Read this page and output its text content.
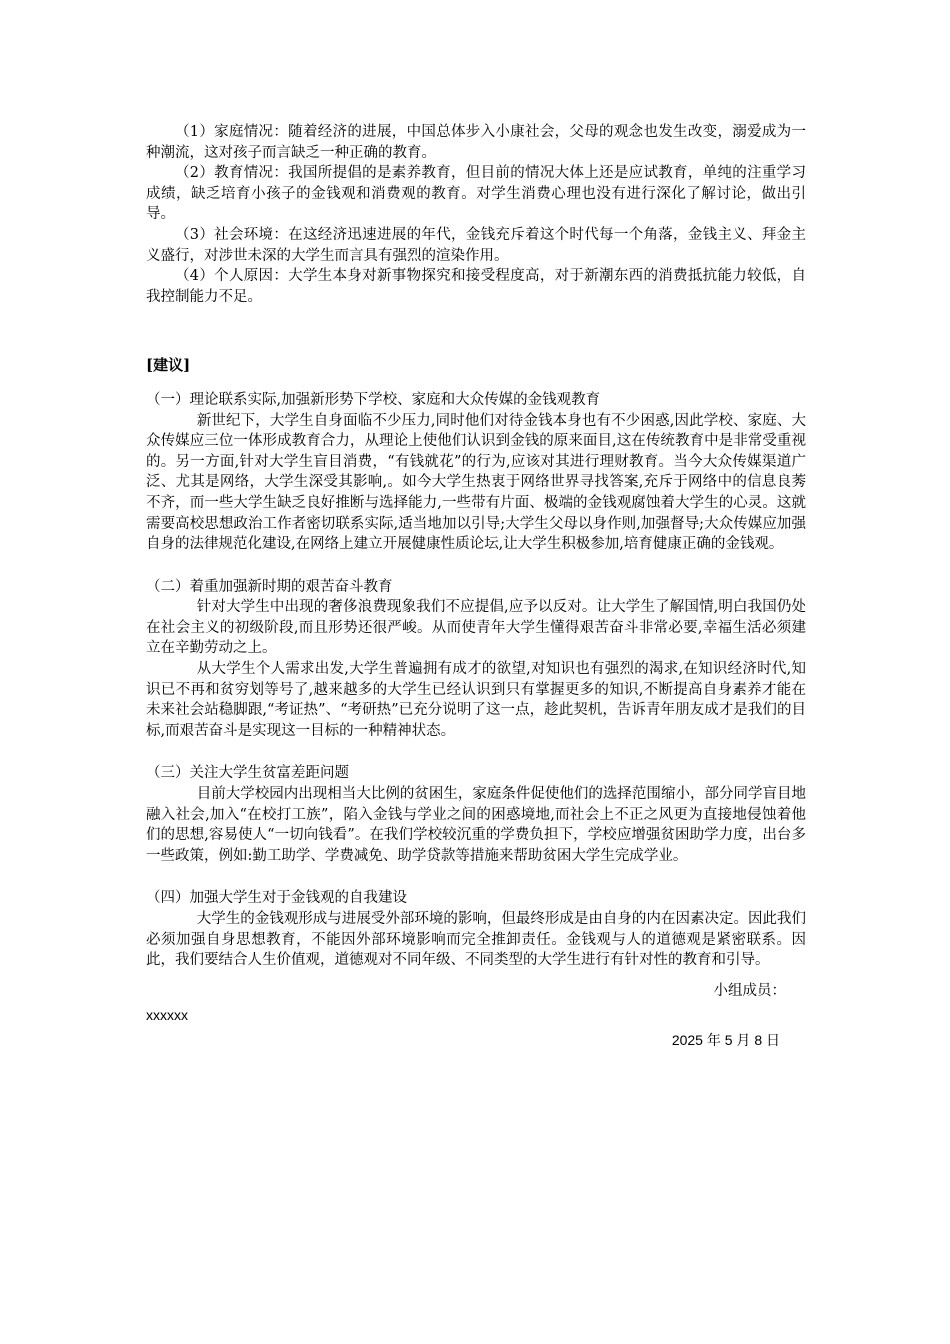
（1）家庭情况：随着经济的进展，中国总体步入小康社会，父母的观念也发生改变，溺爱成为一种潮流，这对孩子而言缺乏一种正确的教育。

（2）教育情况：我国所提倡的是素养教育，但目前的情况大体上还是应试教育，单纯的注重学习成绩，缺乏培育小孩子的金钱观和消费观的教育。对学生消费心理也没有进行深化了解讨论，做出引导。

（3）社会环境：在这经济迅速进展的年代，金钱充斥着这个时代每一个角落，金钱主义、拜金主义盛行，对涉世未深的大学生而言具有强烈的渲染作用。

（4）个人原因：大学生本身对新事物探究和接受程度高，对于新潮东西的消费抵抗能力较低，自我控制能力不足。

[建议]

（一）理论联系实际,加强新形势下学校、家庭和大众传媒的金钱观教育

新世纪下，大学生自身面临不少压力,同时他们对待金钱本身也有不少困惑,因此学校、家庭、大众传媒应三位一体形成教育合力，从理论上使他们认识到金钱的原来面目,这在传统教育中是非常受重视的。另一方面,针对大学生盲目消费，“有钱就花”的行为,应该对其进行理财教育。当今大众传媒渠道广泛、尤其是网络，大学生深受其影响,。如今大学生热衷于网络世界寻找答案,充斥于网络中的信息良莠不齐，而一些大学生缺乏良好推断与选择能力,一些带有片面、极端的金钱观腐蚀着大学生的心灵。这就需要高校思想政治工作者密切联系实际,适当地加以引导;大学生父母以身作则,加强督导;大众传媒应加强自身的法律规范化建设,在网络上建立开展健康性质论坛,让大学生积极参加,培育健康正确的金钱观。

（二）着重加强新时期的艰苦奋斗教育

针对大学生中出现的奢侈浪费现象我们不应提倡,应予以反对。让大学生了解国情,明白我国仍处在社会主义的初级阶段,而且形势还很严峻。从而使青年大学生懂得艰苦奋斗非常必要,幸福生活必须建立在辛勤劳动之上。

从大学生个人需求出发,大学生普遍拥有成才的欲望,对知识也有强烈的渴求,在知识经济时代,知识已不再和贫穷划等号了,越来越多的大学生已经认识到只有掌握更多的知识,不断提高自身素养才能在未来社会站稳脚跟,“考证热”、“考研热”已充分说明了这一点，趁此契机，告诉青年朋友成才是我们的目标,而艰苦奋斗是实现这一目标的一种精神状态。

（三）关注大学生贫富差距问题

目前大学校园内出现相当大比例的贫困生，家庭条件促使他们的选择范围缩小，部分同学盲目地融入社会,加入“在校打工族”，陷入金钱与学业之间的困惑境地,而社会上不正之风更为直接地侵蚀着他们的思想,容易使人“一切向钱看”。在我们学校较沉重的学费负担下，学校应增强贫困助学力度，出台多一些政策，例如:勤工助学、学费减免、助学贷款等措施来帮助贫困大学生完成学业。

（四）加强大学生对于金钱观的自我建设

大学生的金钱观形成与进展受外部环境的影响，但最终形成是由自身的内在因素决定。因此我们必须加强自身思想教育，不能因外部环境影响而完全推卸责任。金钱观与人的道德观是紧密联系。因此，我们要结合人生价值观，道德观对不同年级、不同类型的大学生进行有针对性的教育和引导。

小组成员：

xxxxxx

2025 年 5 月 8 日
